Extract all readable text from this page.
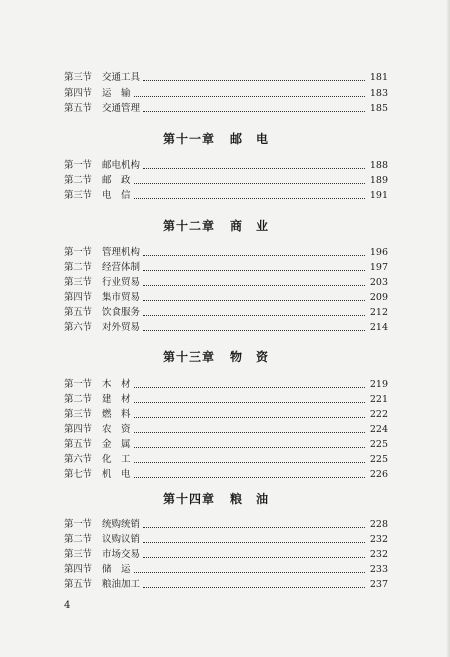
第三节	交通工具	181
第四节	运　输	183
第五节	交通管理	185
第十一章 邮　电
第一节	邮电机构	188
第二节	邮　政	189
第三节	电　信	191
第十二章 商　业
第一节	管理机构	196
第二节	经营体制	197
第三节	行业贸易	203
第四节	集市贸易	209
第五节	饮食服务	212
第六节	对外贸易	214
第十三章 物　资
第一节	木　材	219
第二节	建　材	221
第三节	燃　料	222
第四节	农　资	224
第五节	金　属	225
第六节	化　工	225
第七节	机　电	226
第十四章 粮　油
第一节	统购统销	228
第二节	议购议销	232
第三节	市场交易	232
第四节	储　运	233
第五节	粮油加工	237
4
